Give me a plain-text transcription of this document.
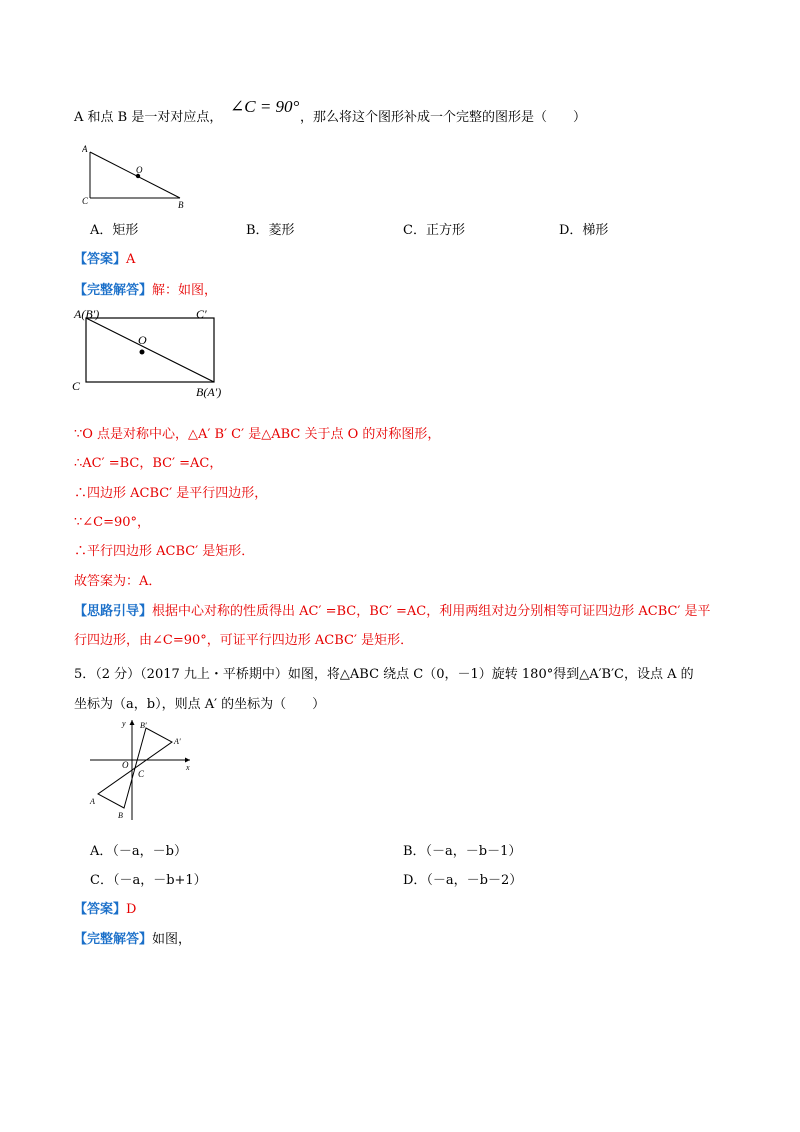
A 和点 B 是一对对应点，
∠C = 90°
，那么将这个图形补成一个完整的图形是（　　）
A
O
C	B
A．矩形	B．菱形	C．正方形	D．梯形
【答案】A
【完整解答】解：如图，
A(B′)	C′
O
C	B(A′)
∵O 点是对称中心，△A′ B′ C′ 是△ABC 关于点 O 的对称图形，
∴AC′ =BC，BC′ =AC，
∴四边形 ACBC′ 是平行四边形，
∵∠C=90°，
∴平行四边形 ACBC′ 是矩形．
故答案为：A．
【思路引导】根据中心对称的性质得出 AC′ =BC，BC′ =AC，利用两组对边分别相等可证四边形 ACBC′ 是平
行四边形，由∠C=90°，可证平行四边形 ACBC′ 是矩形．
5．（2 分）（2017 九上・平桥期中）如图，将△ABC 绕点 C（0，－1）旋转 180°得到△A′B′C，设点 A 的
坐标为（a，b），则点 A′ 的坐标为（　　）
y B′
A′
O
C
x
A
B
A．（－a，－b）	B．（－a，－b－1）
C．（－a，－b+1）	D．（－a，－b－2）
【答案】D
【完整解答】如图，
